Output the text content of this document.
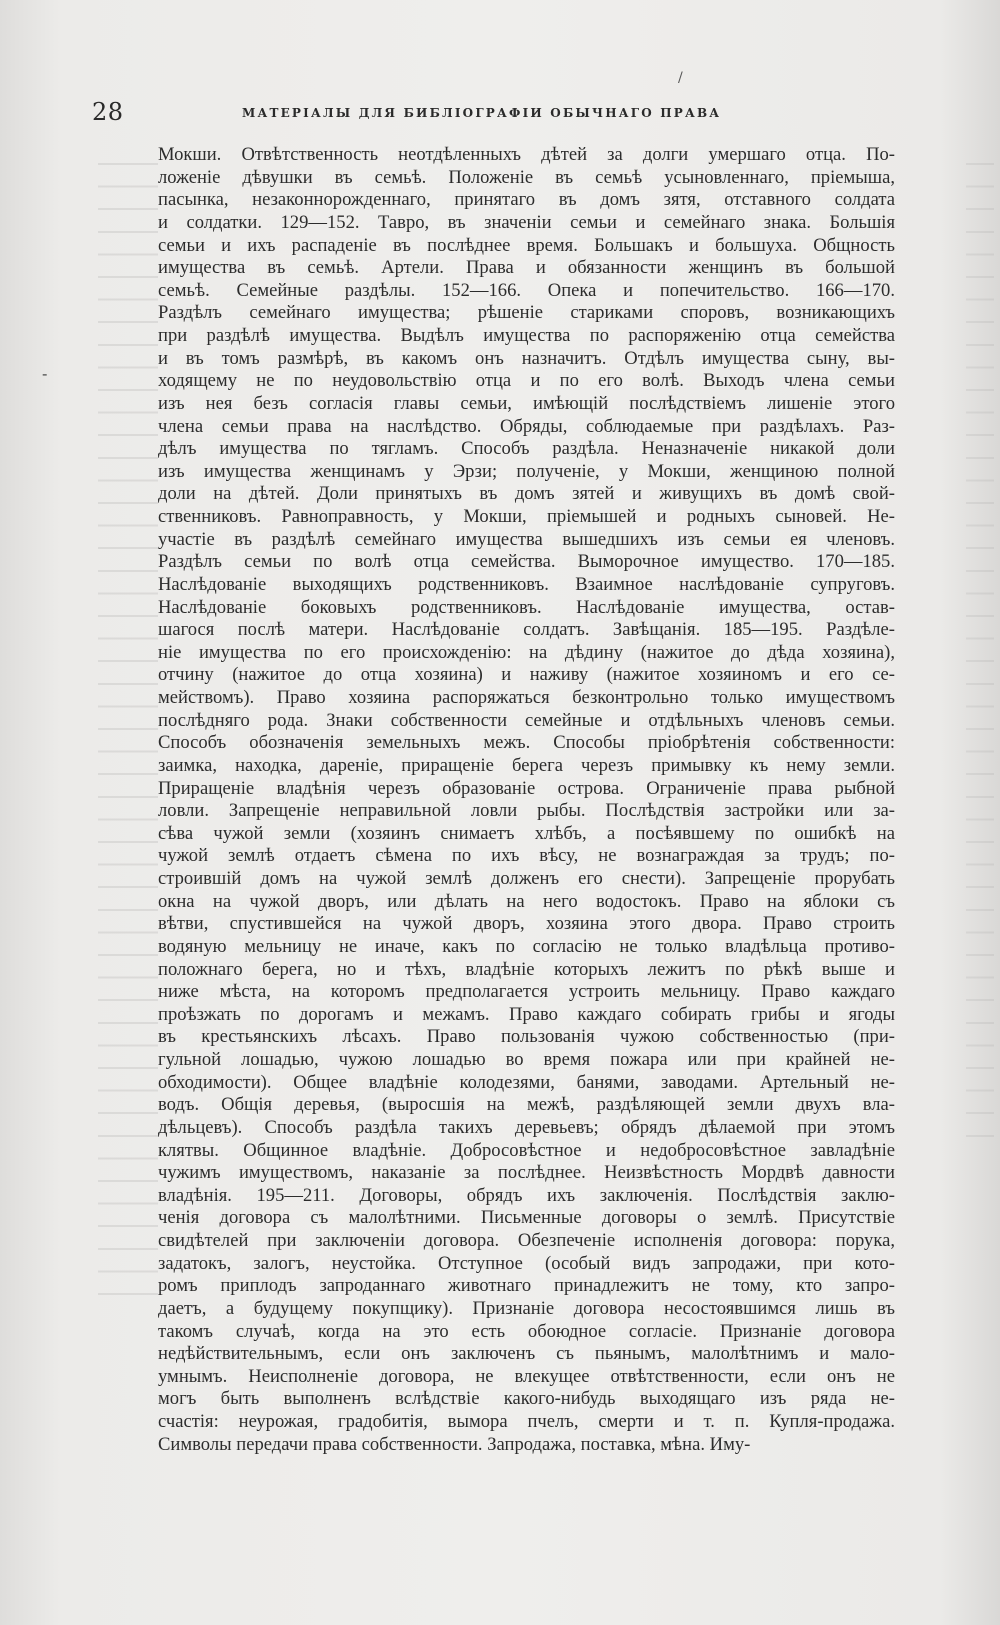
/
28	МАТЕРІАЛЫ ДЛЯ БИБЛІОГРАФІИ ОБЫЧНАГО ПРАВА
-
Мокши. Отвѣтственность неотдѣленныхъ дѣтей за долги умершаго отца. По-
ложеніе дѣвушки въ семьѣ. Положеніе въ семьѣ усыновленнаго, пріемыша,
пасынка, незаконнорожденнаго, принятаго въ домъ зятя, отставного солдата
и солдатки. 129—152. Тавро, въ значеніи семьи и семейнаго знака. Большія
семьи и ихъ распаденіе въ послѣднее время. Большакъ и большуха. Общность
имущества въ семьѣ. Артели. Права и обязанности женщинъ въ большой
семьѣ. Семейные раздѣлы. 152—166. Опека и попечительство. 166—170.
Раздѣлъ семейнаго имущества; рѣшеніе стариками споровъ, возникающихъ
при раздѣлѣ имущества. Выдѣлъ имущества по распоряженію отца семейства
и въ томъ размѣрѣ, въ какомъ онъ назначитъ. Отдѣлъ имущества сыну, вы-
ходящему не по неудовольствію отца и по его волѣ. Выходъ члена семьи
изъ нея безъ согласія главы семьи, имѣющій послѣдствіемъ лишеніе этого
члена семьи права на наслѣдство. Обряды, соблюдаемые при раздѣлахъ. Раз-
дѣлъ имущества по тягламъ. Способъ раздѣла. Неназначеніе никакой доли
изъ имущества женщинамъ у Эрзи; полученіе, у Мокши, женщиною полной
доли на дѣтей. Доли принятыхъ въ домъ зятей и живущихъ въ домѣ свой-
ственниковъ. Равноправность, у Мокши, пріемышей и родныхъ сыновей. Не-
участіе въ раздѣлѣ семейнаго имущества вышедшихъ изъ семьи ея членовъ.
Раздѣлъ семьи по волѣ отца семейства. Выморочное имущество. 170—185.
Наслѣдованіе выходящихъ родственниковъ. Взаимное наслѣдованіе супруговъ.
Наслѣдованіе боковыхъ родственниковъ. Наслѣдованіе имущества, остав-
шагося послѣ матери. Наслѣдованіе солдатъ. Завѣщанія. 185—195. Раздѣле-
ніе имущества по его происхожденію: на дѣдину (нажитое до дѣда хозяина),
отчину (нажитое до отца хозяина) и наживу (нажитое хозяиномъ и его се-
мействомъ). Право хозяина распоряжаться безконтрольно только имуществомъ
послѣдняго рода. Знаки собственности семейные и отдѣльныхъ членовъ семьи.
Способъ обозначенія земельныхъ межъ. Способы пріобрѣтенія собственности:
заимка, находка, дареніе, приращеніе берега черезъ примывку къ нему земли.
Приращеніе владѣнія черезъ образованіе острова. Ограниченіе права рыбной
ловли. Запрещеніе неправильной ловли рыбы. Послѣдствія застройки или за-
сѣва чужой земли (хозяинъ снимаетъ хлѣбъ, а посѣявшему по ошибкѣ на
чужой землѣ отдаетъ сѣмена по ихъ вѣсу, не вознаграждая за трудъ; по-
строившій домъ на чужой землѣ долженъ его снести). Запрещеніе прорубать
окна на чужой дворъ, или дѣлать на него водостокъ. Право на яблоки съ
вѣтви, спустившейся на чужой дворъ, хозяина этого двора. Право строить
водяную мельницу не иначе, какъ по согласію не только владѣльца противо-
положнаго берега, но и тѣхъ, владѣніе которыхъ лежитъ по рѣкѣ выше и
ниже мѣста, на которомъ предполагается устроить мельницу. Право каждаго
проѣзжать по дорогамъ и межамъ. Право каждаго собирать грибы и ягоды
въ крестьянскихъ лѣсахъ. Право пользованія чужою собственностью (при-
гульной лошадью, чужою лошадью во время пожара или при крайней не-
обходимости). Общее владѣніе колодезями, банями, заводами. Артельный не-
водъ. Общія деревья, (выросшія на межѣ, раздѣляющей земли двухъ вла-
дѣльцевъ). Способъ раздѣла такихъ деревьевъ; обрядъ дѣлаемой при этомъ
клятвы. Общинное владѣніе. Добросовѣстное и недобросовѣстное завладѣніе
чужимъ имуществомъ, наказаніе за послѣднее. Неизвѣстность Мордвѣ давности
владѣнія. 195—211. Договоры, обрядъ ихъ заключенія. Послѣдствія заклю-
ченія договора съ малолѣтними. Письменные договоры о землѣ. Присутствіе
свидѣтелей при заключеніи договора. Обезпеченіе исполненія договора: порука,
задатокъ, залогъ, неустойка. Отступное (особый видъ запродажи, при кото-
ромъ приплодъ запроданнаго животнаго принадлежитъ не тому, кто запро-
даетъ, а будущему покупщику). Признаніе договора несостоявшимся лишь въ
такомъ случаѣ, когда на это есть обоюдное согласіе. Признаніе договора
недѣйствительнымъ, если онъ заключенъ съ пьянымъ, малолѣтнимъ и мало-
умнымъ. Неисполненіе договора, не влекущее отвѣтственности, если онъ не
могъ быть выполненъ вслѣдствіе какого-нибудь выходящаго изъ ряда не-
счастія: неурожая, градобитія, вымора пчелъ, смерти и т. п. Купля-продажа.
Символы передачи права собственности. Запродажа, поставка, мѣна. Иму-
